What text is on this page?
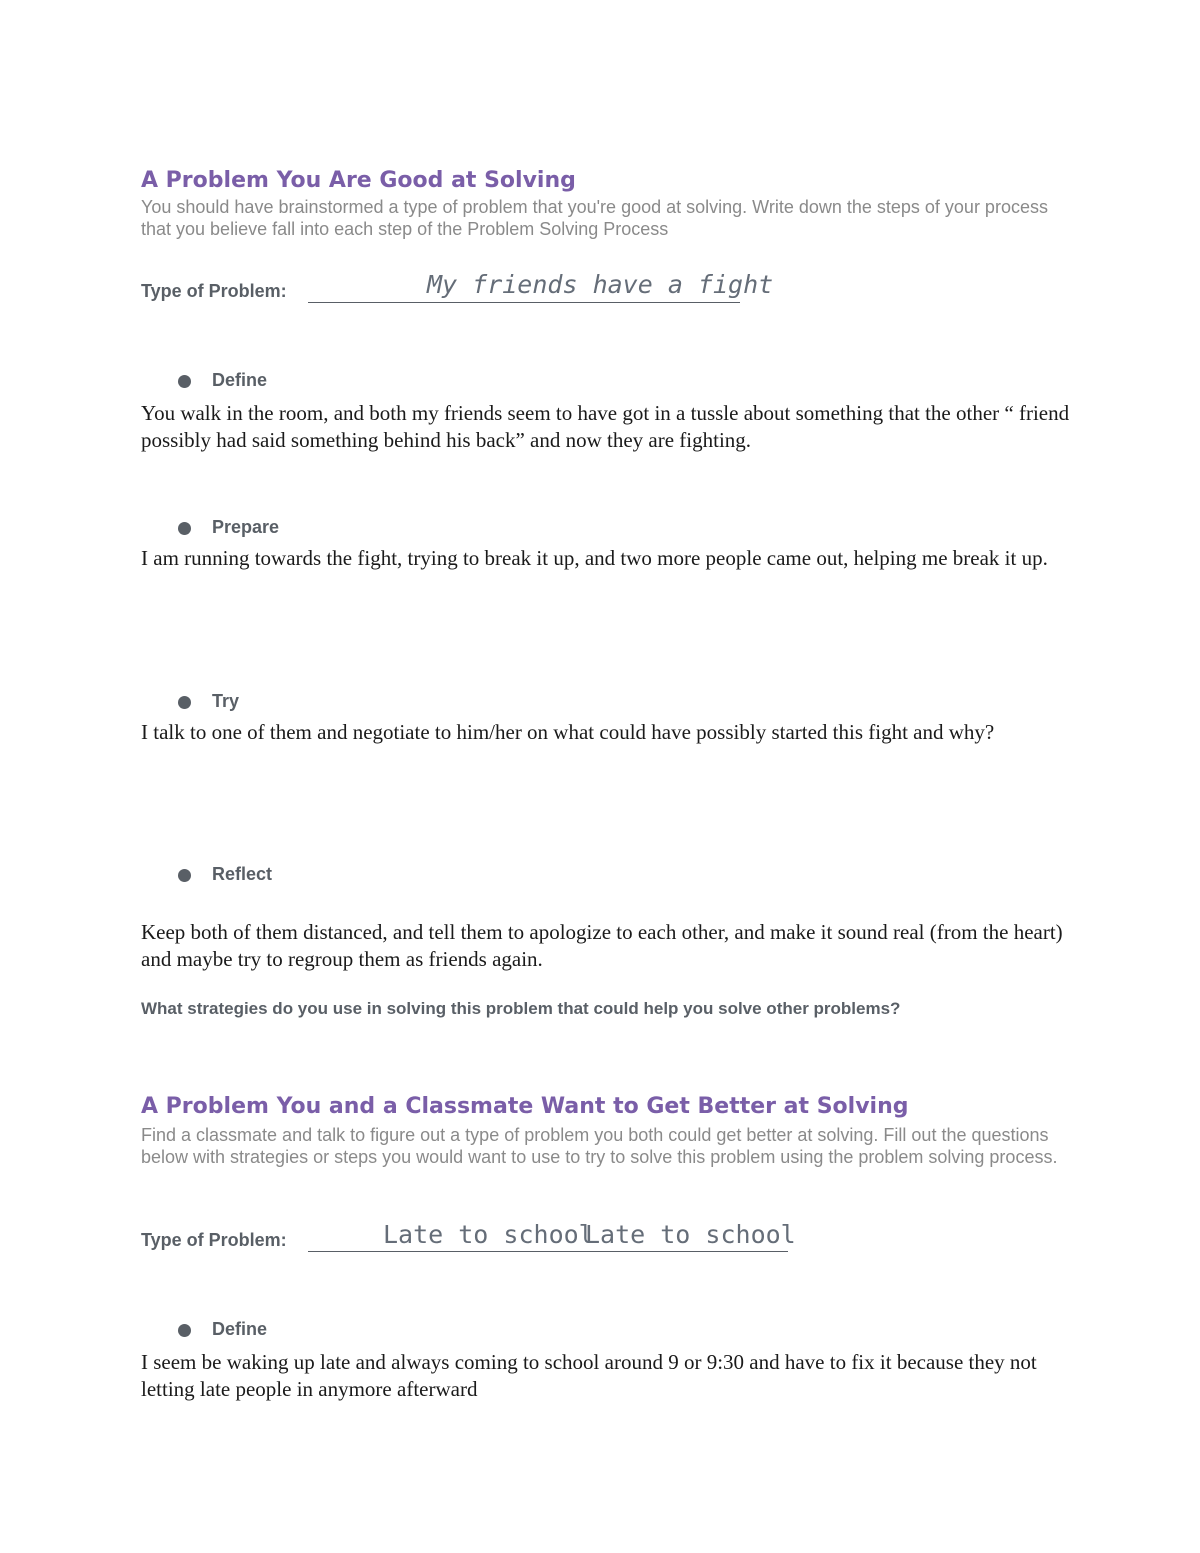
A Problem You Are Good at Solving
You should have brainstormed a type of problem that you're good at solving. Write down the steps of your process that you believe fall into each step of the Problem Solving Process
Type of Problem:	My friends have a fight
Define
You walk in the room, and both my friends seem to have got in a tussle about something that the other “ friend possibly had said something behind his back” and now they are fighting.
Prepare
I am running towards the fight, trying to break it up, and two more people came out, helping me break it up.
Try
I talk to one of them and negotiate to him/her on what could have possibly started this fight and why?
Reflect
Keep both of them distanced, and tell them to apologize to each other, and make it sound real (from the heart) and maybe try to regroup them as friends again.
What strategies do you use in solving this problem that could help you solve other problems?
A Problem You and a Classmate Want to Get Better at Solving
Find a classmate and talk to figure out a type of problem you both could get better at solving. Fill out the questions below with strategies or steps you would want to use to try to solve this problem using the problem solving process.
Type of Problem:	Late to school
Late to school
Define
I seem be waking up late and always coming to school around 9 or 9:30 and have to fix it because they not letting late people in anymore afterward
